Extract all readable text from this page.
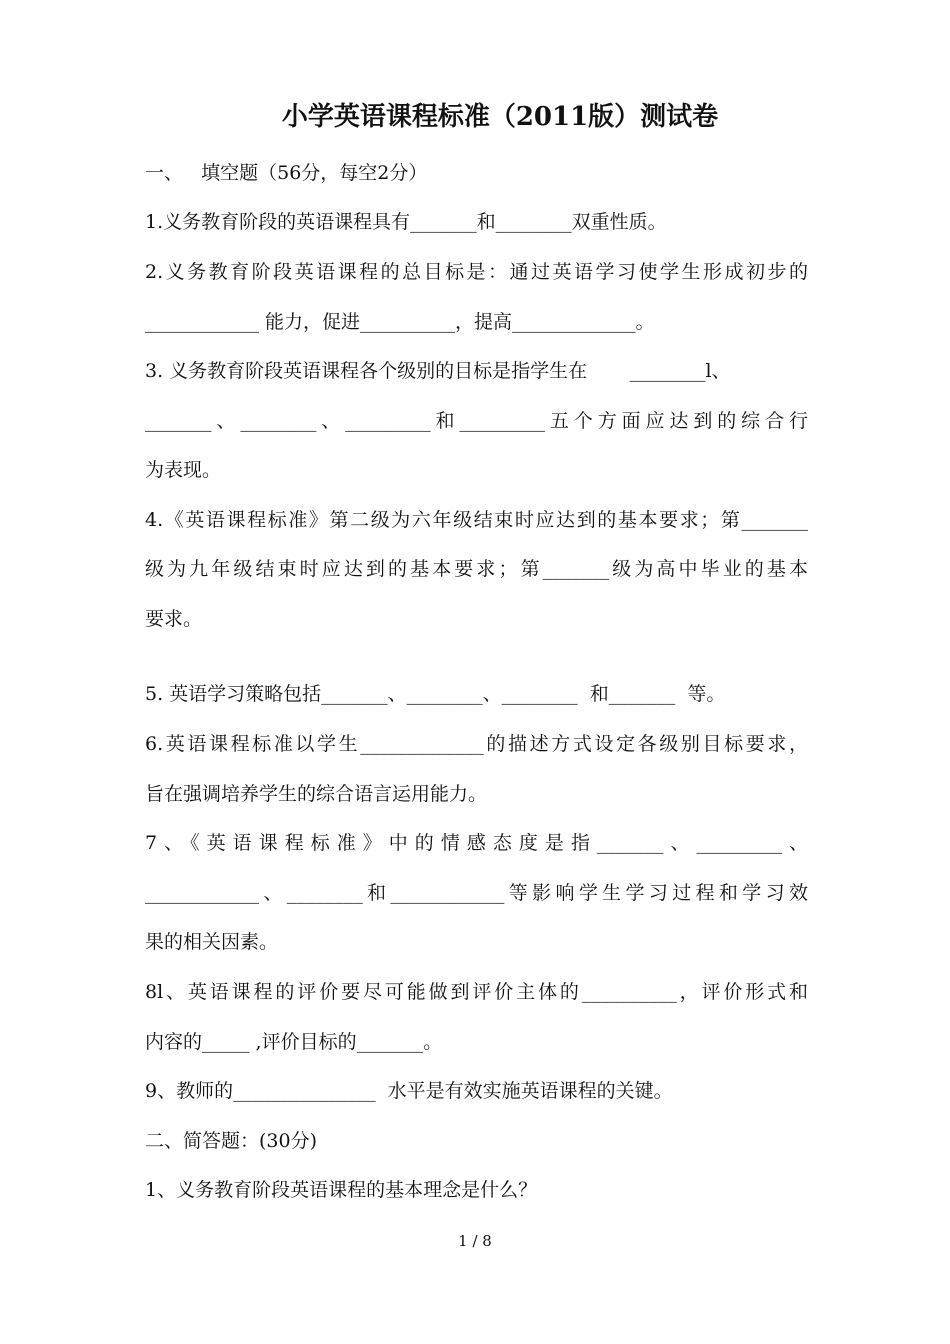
小学英语课程标准（2011版）测试卷
一、   填空题（56分，每空2分）
1.义务教育阶段的英语课程具有_______和________双重性质。
2.义务教育阶段英语课程的总目标是：通过英语学习使学生形成初步的
____________ 能力，促进__________，提高_____________。
3. 义务教育阶段英语课程各个级别的目标是指学生在       ________l、
_______、________、_________和_________五个方面应达到的综合行
为表现。
4.《英语课程标准》第二级为六年级结束时应达到的基本要求；第_______
级为九年级结束时应达到的基本要求；第_______级为高中毕业的基本
要求。
5. 英语学习策略包括_______、________、________  和_______  等。
6.英语课程标准以学生_____________的描述方式设定各级别目标要求，
旨在强调培养学生的综合语言运用能力。
7、《英语课程标准》中的情感态度是指_______、_________、
____________、________和____________等影响学生学习过程和学习效
果的相关因素。
8l、英语课程的评价要尽可能做到评价主体的__________，评价形式和
内容的_____ ,评价目标的_______。
9、教师的_______________  水平是有效实施英语课程的关键。
二、简答题：(30分)
1、义务教育阶段英语课程的基本理念是什么？
1 / 8
